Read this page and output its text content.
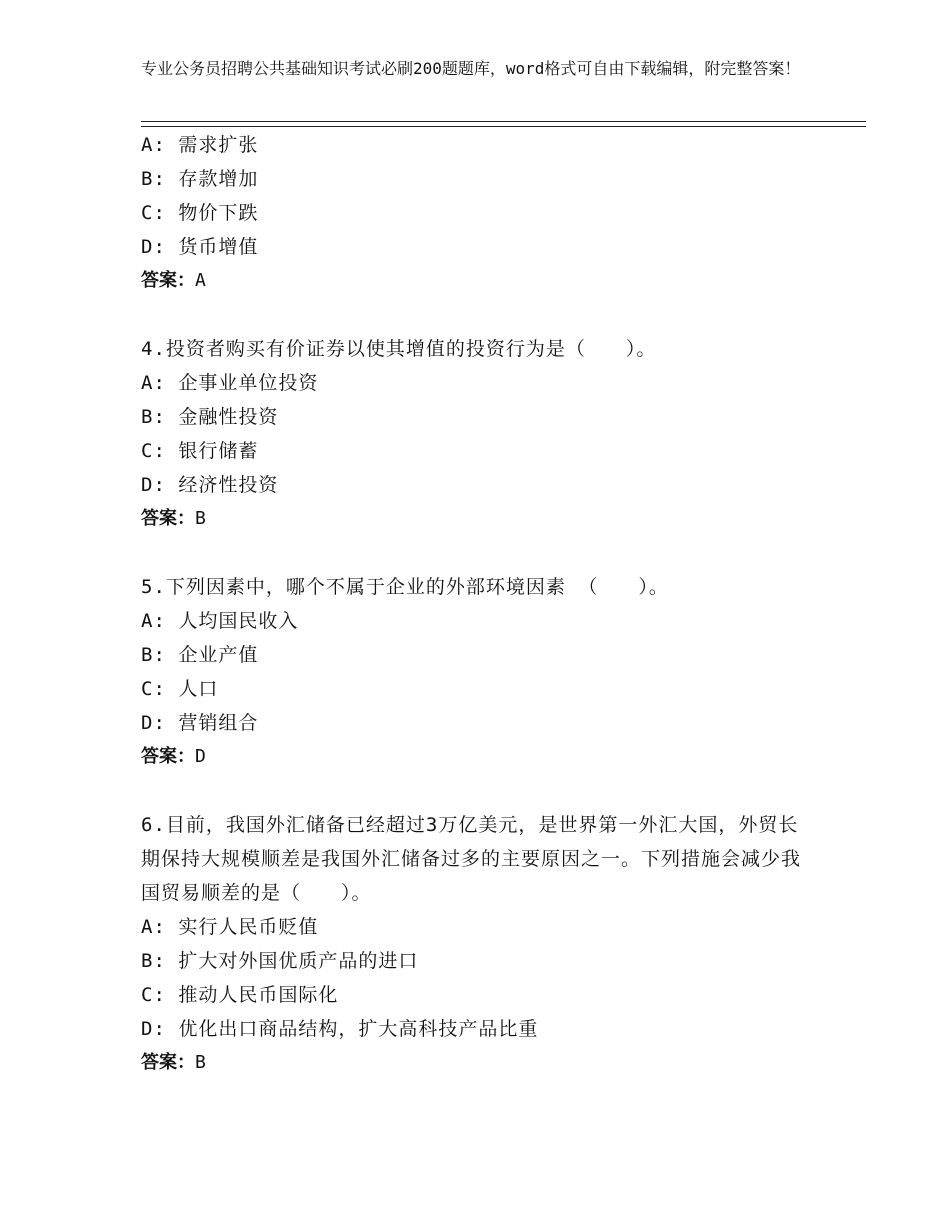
专业公务员招聘公共基础知识考试必刷200题题库，word格式可自由下载编辑，附完整答案！
A: 需求扩张
B: 存款增加
C: 物价下跌
D: 货币增值
答案：A
4.投资者购买有价证券以使其增值的投资行为是（　　）。
A: 企事业单位投资
B: 金融性投资
C: 银行储蓄
D: 经济性投资
答案：B
5.下列因素中，哪个不属于企业的外部环境因素 （　　）。
A: 人均国民收入
B: 企业产值
C: 人口
D: 营销组合
答案：D
6.目前，我国外汇储备已经超过3万亿美元，是世界第一外汇大国，外贸长期保持大规模顺差是我国外汇储备过多的主要原因之一。下列措施会减少我国贸易顺差的是（　　）。
A: 实行人民币贬值
B: 扩大对外国优质产品的进口
C: 推动人民币国际化
D: 优化出口商品结构，扩大高科技产品比重
答案：B
